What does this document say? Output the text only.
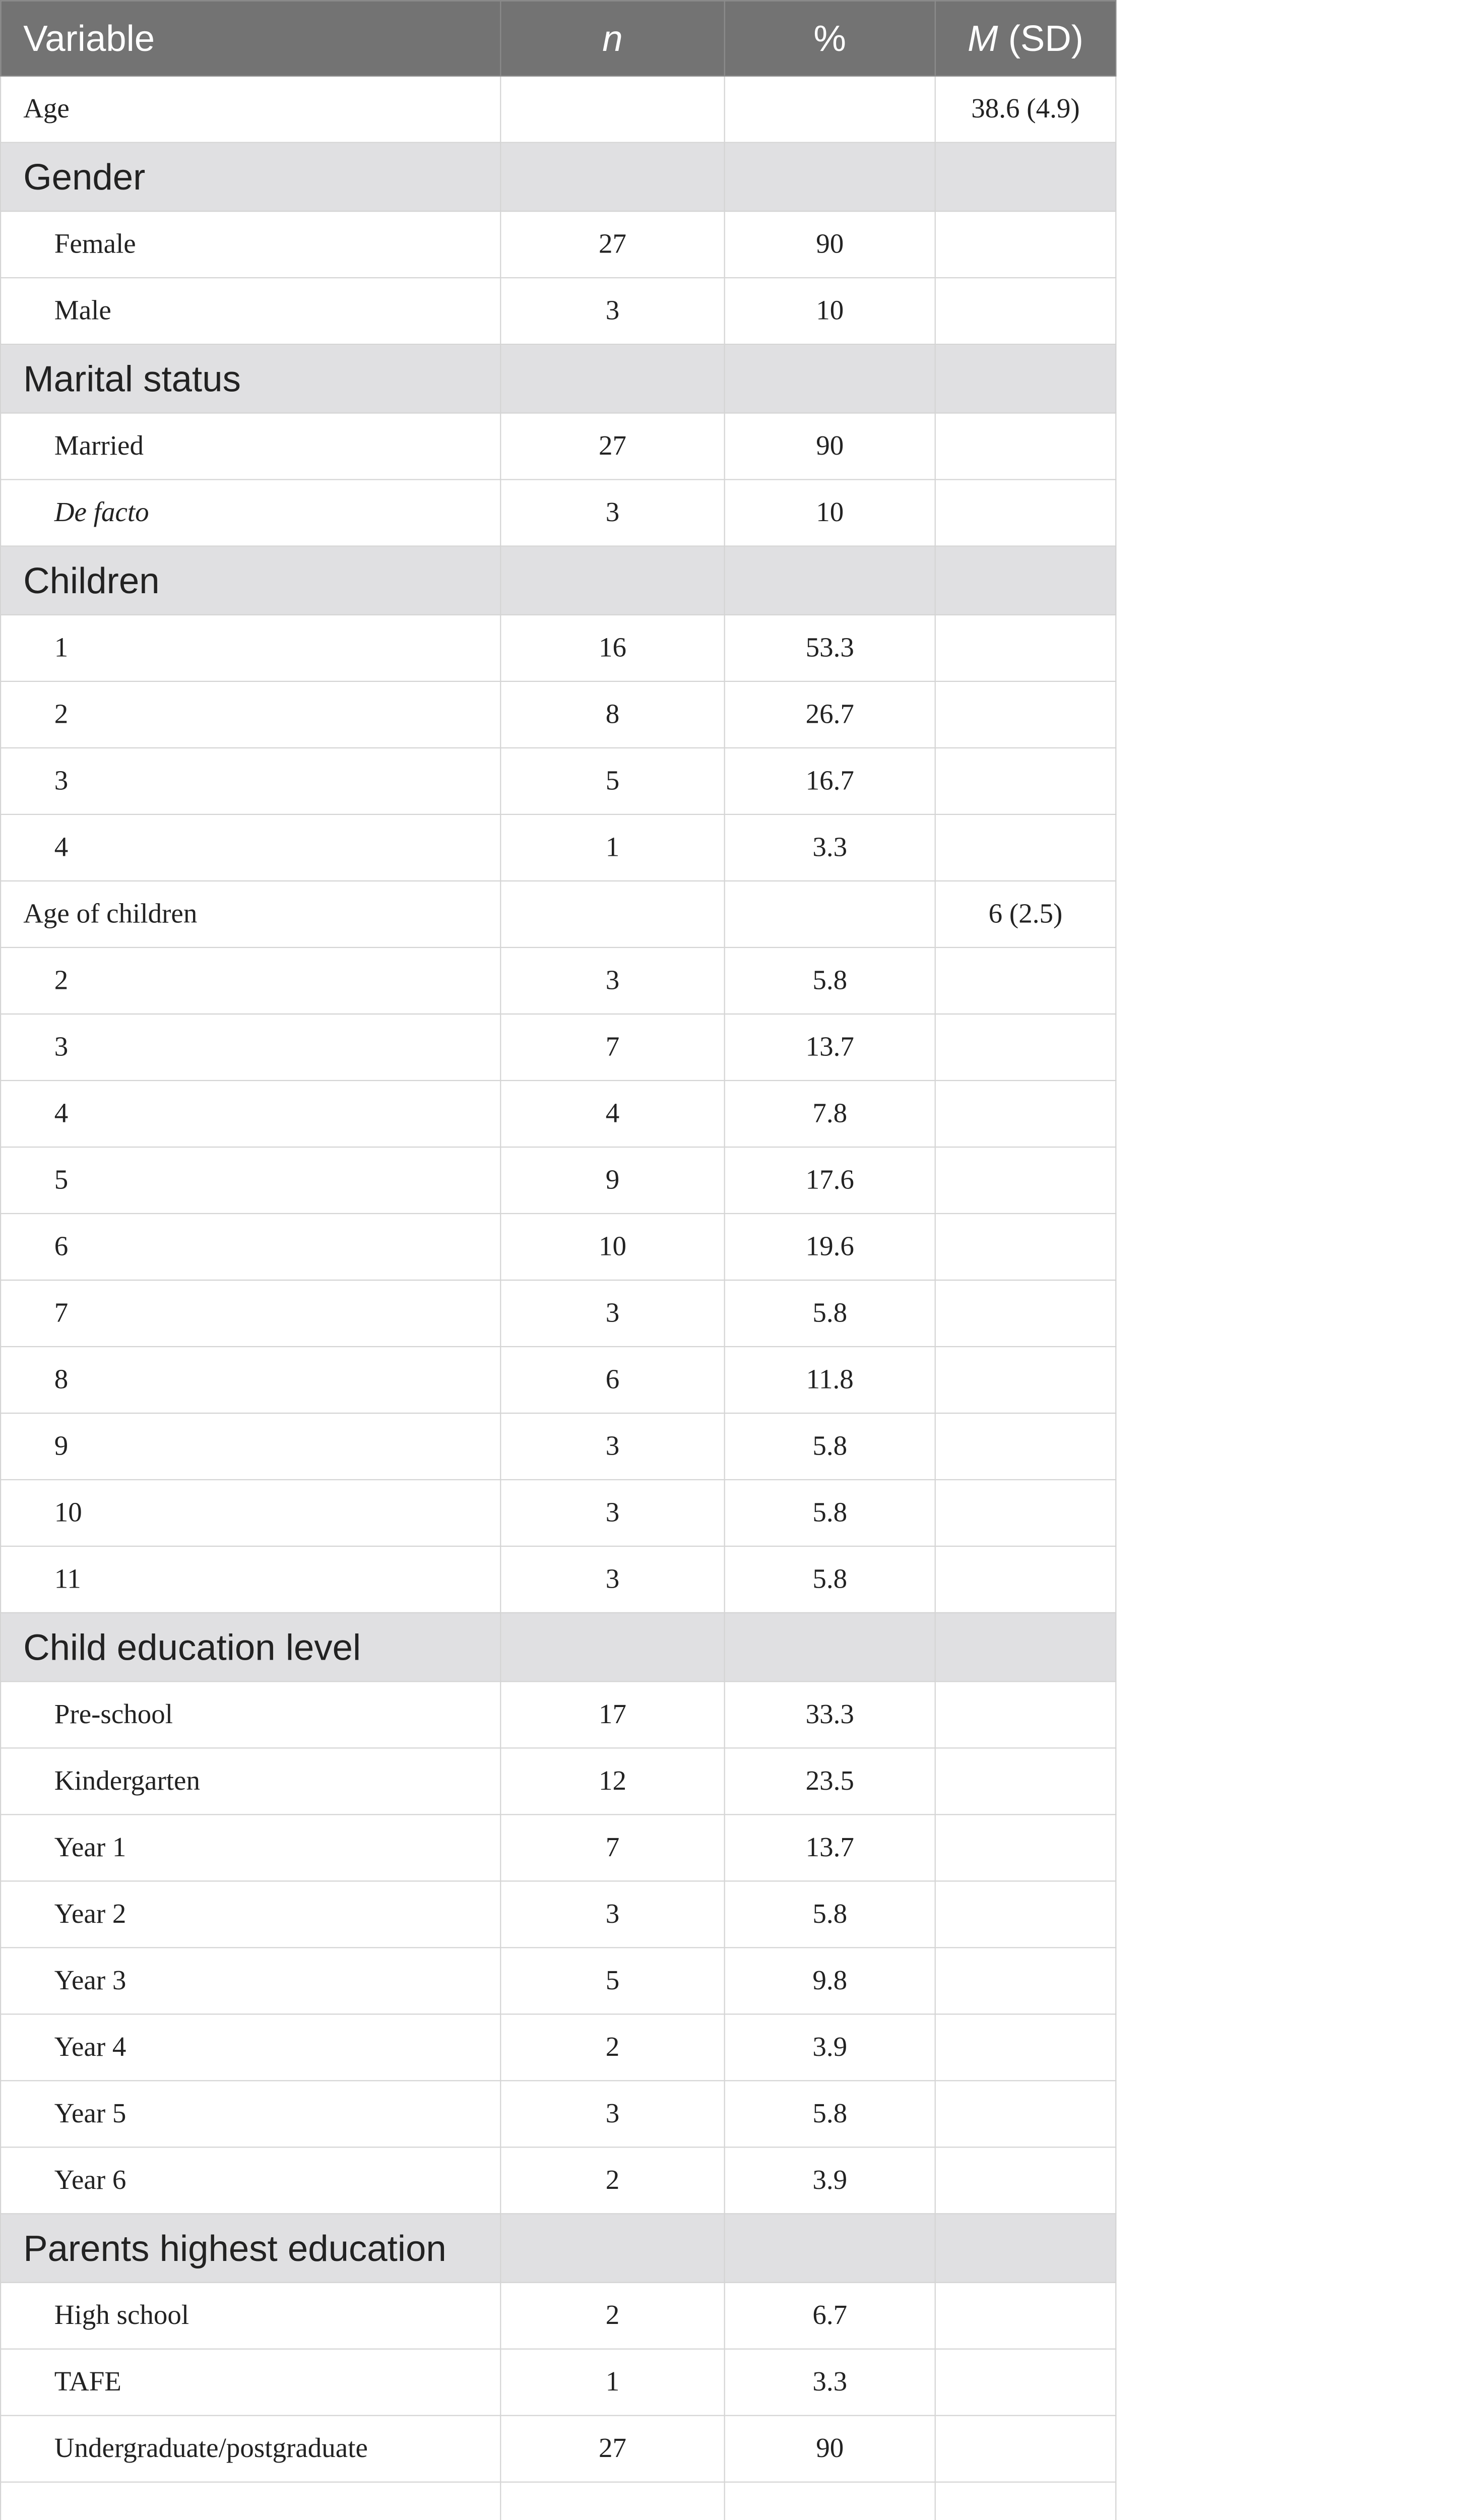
Variable	n	%	M (SD)
Age			38.6 (4.9)
Gender			
Female	27	90	
Male	3	10	
Marital status			
Married	27	90	
De facto	3	10	
Children			
1	16	53.3	
2	8	26.7	
3	5	16.7	
4	1	3.3	
Age of children			6 (2.5)
2	3	5.8	
3	7	13.7	
4	4	7.8	
5	9	17.6	
6	10	19.6	
7	3	5.8	
8	6	11.8	
9	3	5.8	
10	3	5.8	
11	3	5.8	
Child education level			
Pre-school	17	33.3	
Kindergarten	12	23.5	
Year 1	7	13.7	
Year 2	3	5.8	
Year 3	5	9.8	
Year 4	2	3.9	
Year 5	3	5.8	
Year 6	2	3.9	
Parents highest education			
High school	2	6.7	
TAFE	1	3.3	
Undergraduate/postgraduate	27	90	
